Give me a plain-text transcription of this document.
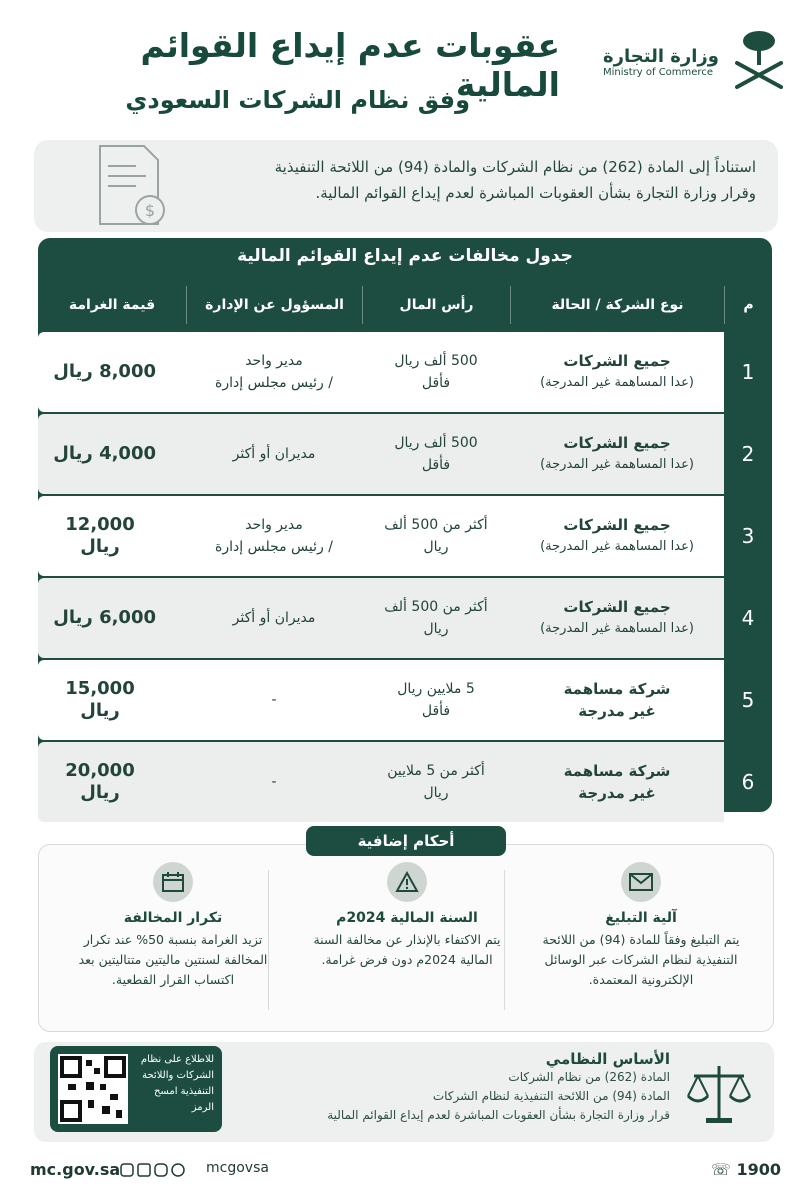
وزارة التجارة
Ministry of Commerce
عقوبات عدم إيداع القوائم المالية
وفق نظام الشركات السعودي
استناداً إلى المادة (262) من نظام الشركات والمادة (94) من اللائحة التنفيذية
وقرار وزارة التجارة بشأن العقوبات المباشرة لعدم إيداع القوائم المالية.
$
جدول مخالفات عدم إيداع القوائم المالية
م
نوع الشركة / الحالة
رأس المال
المسؤول عن الإدارة
قيمة الغرامة
1
جميع الشركات
(عدا المساهمة غير المدرجة)
500 ألف ريال
فأقل
مدير واحد
/ رئيس مجلس إدارة
8,000 ريال
2
جميع الشركات
(عدا المساهمة غير المدرجة)
500 ألف ريال
فأقل
مديران أو أكثر
4,000 ريال
3
جميع الشركات
(عدا المساهمة غير المدرجة)
أكثر من 500 ألف
ريال
مدير واحد
/ رئيس مجلس إدارة
12,000 ريال
4
جميع الشركات
(عدا المساهمة غير المدرجة)
أكثر من 500 ألف
ريال
مديران أو أكثر
6,000 ريال
5
شركة مساهمة
غير مدرجة
5 ملايين ريال
فأقل
-
15,000 ريال
6
شركة مساهمة
غير مدرجة
أكثر من 5 ملايين
ريال
-
20,000 ريال
أحكام إضافية
آلية التبليغ
يتم التبليغ وفقاً للمادة (94) من اللائحة التنفيذية لنظام الشركات عبر الوسائل الإلكترونية المعتمدة.
السنة المالية 2024م
يتم الاكتفاء بالإنذار عن مخالفة السنة المالية 2024م دون فرض غرامة.
تكرار المخالفة
تزيد الغرامة بنسبة 50% عند تكرار المخالفة لسنتين ماليتين متتاليتين بعد اكتساب القرار القطعية.
الأساس النظامي
المادة (262) من نظام الشركات
المادة (94) من اللائحة التنفيذية لنظام الشركات
قرار وزارة التجارة بشأن العقوبات المباشرة لعدم إيداع القوائم المالية
للاطلاع على نظام الشركات واللائحة التنفيذية امسح الرمز
mc.gov.sa	mcgovsa	☏ 1900
